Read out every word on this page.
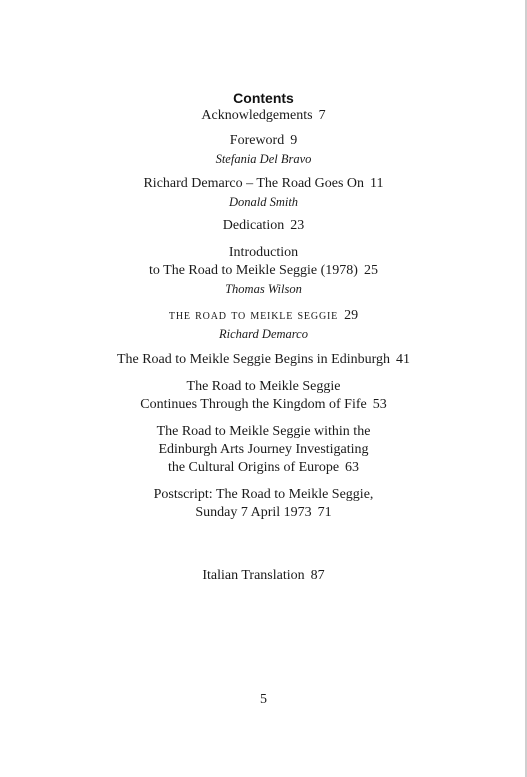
Contents
Acknowledgements 7
Foreword 9
Stefania Del Bravo
Richard Demarco – The Road Goes On 11
Donald Smith
Dedication 23
Introduction
to The Road to Meikle Seggie (1978) 25
Thomas Wilson
the road to meikle seggie 29
Richard Demarco
The Road to Meikle Seggie Begins in Edinburgh 41
The Road to Meikle Seggie
Continues Through the Kingdom of Fife 53
The Road to Meikle Seggie within the
Edinburgh Arts Journey Investigating
the Cultural Origins of Europe 63
Postscript: The Road to Meikle Seggie,
Sunday 7 April 1973 71
Italian Translation 87
5
